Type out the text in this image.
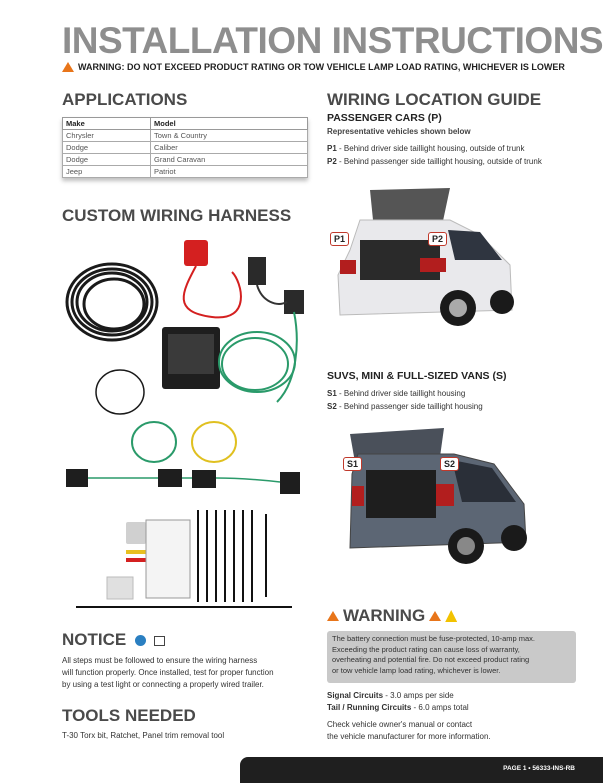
INSTALLATION INSTRUCTIONS
WARNING: DO NOT EXCEED PRODUCT RATING OR TOW VEHICLE LAMP LOAD RATING, WHICHEVER IS LOWER
APPLICATIONS
Make	Model
Chrysler	Town & Country
Dodge	Caliber
Dodge	Grand Caravan
Jeep	Patriot
CUSTOM WIRING HARNESS
WIRING LOCATION GUIDE
PASSENGER CARS (P)
Representative vehicles shown below
P1 - Behind driver side taillight housing, outside of trunk
P2 - Behind passenger side taillight housing, outside of trunk
P1	P2
SUVS, MINI & FULL-SIZED VANS (S)
S1 - Behind driver side taillight housing
S2 - Behind passenger side taillight housing
S1	S2
WARNING
The battery connection must be fuse-protected, 10-amp max.
Exceeding the product rating can cause loss of warranty,
overheating and potential fire. Do not exceed product rating
or tow vehicle lamp load rating, whichever is lower.
Signal Circuits - 3.0 amps per side
Tail / Running Circuits - 6.0 amps total
Check vehicle owner's manual or contact
the vehicle manufacturer for more information.
NOTICE
All steps must be followed to ensure the wiring harness
will function properly. Once installed, test for proper function
by using a test light or connecting a properly wired trailer.
TOOLS NEEDED
T-30 Torx bit, Ratchet, Panel trim removal tool
PAGE 1 • 56333-INS-RB
